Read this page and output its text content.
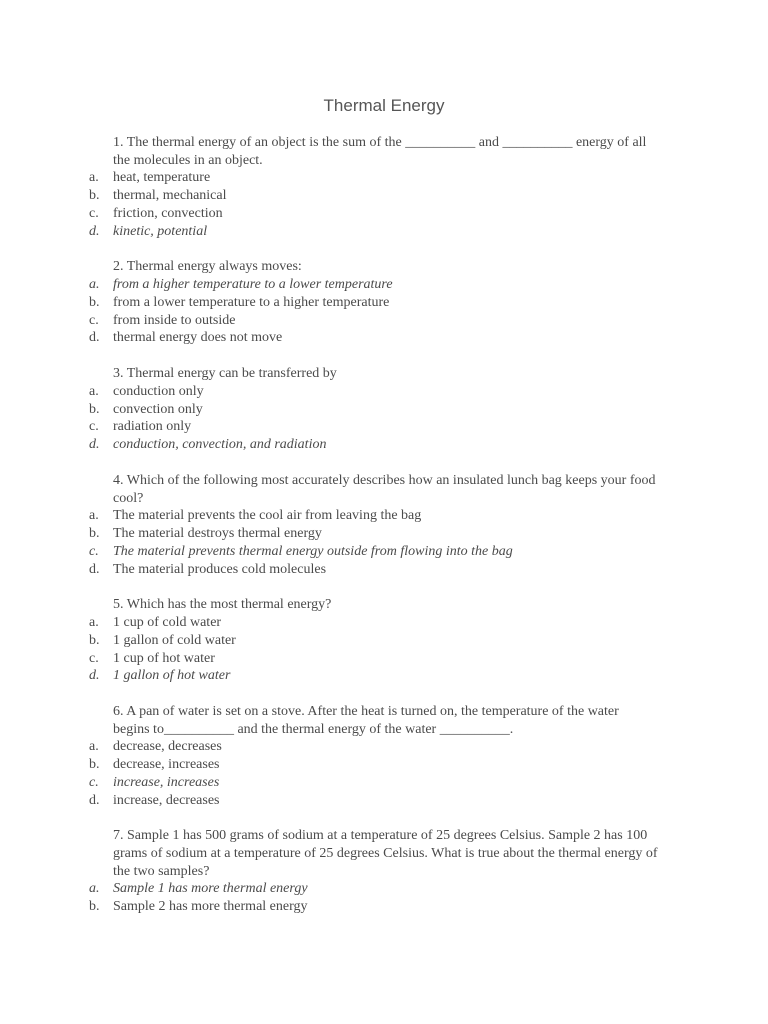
Thermal Energy
1. The thermal energy of an object is the sum of the __________ and __________ energy of all the molecules in an object.
a. heat, temperature
b. thermal, mechanical
c. friction, convection
d. kinetic, potential
2. Thermal energy always moves:
a. from a higher temperature to a lower temperature
b. from a lower temperature to a higher temperature
c. from inside to outside
d. thermal energy does not move
3. Thermal energy can be transferred by
a. conduction only
b. convection only
c. radiation only
d. conduction, convection, and radiation
4. Which of the following most accurately describes how an insulated lunch bag keeps your food cool?
a. The material prevents the cool air from leaving the bag
b. The material destroys thermal energy
c. The material prevents thermal energy outside from flowing into the bag
d. The material produces cold molecules
5. Which has the most thermal energy?
a. 1 cup of cold water
b. 1 gallon of cold water
c. 1 cup of hot water
d. 1 gallon of hot water
6. A pan of water is set on a stove. After the heat is turned on, the temperature of the water begins to__________ and the thermal energy of the water __________.
a. decrease, decreases
b. decrease, increases
c. increase, increases
d. increase, decreases
7. Sample 1 has 500 grams of sodium at a temperature of 25 degrees Celsius. Sample 2 has 100 grams of sodium at a temperature of 25 degrees Celsius. What is true about the thermal energy of the two samples?
a. Sample 1 has more thermal energy
b. Sample 2 has more thermal energy
